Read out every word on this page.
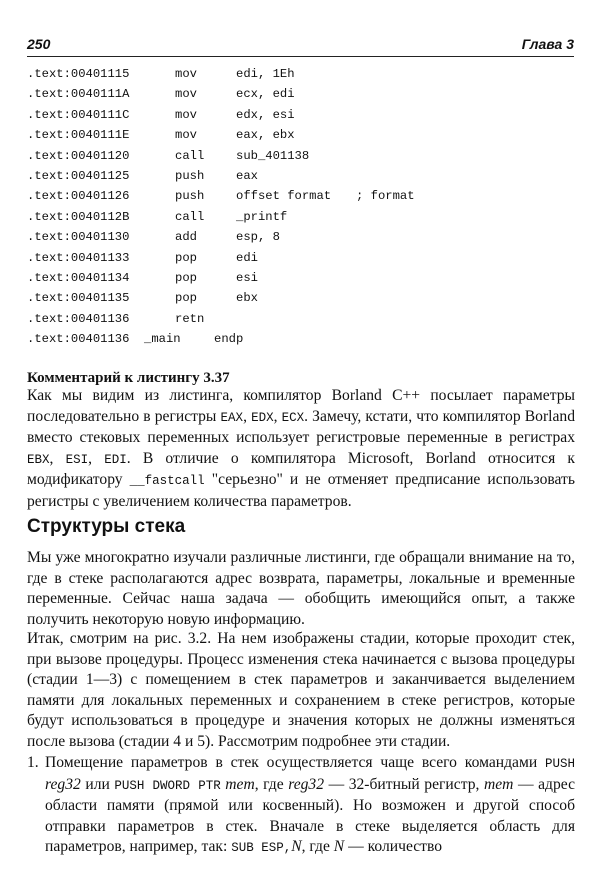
250	Глава 3
.text:00401115	mov	edi, 1Eh
.text:0040111A	mov	ecx, edi
.text:0040111C	mov	edx, esi
.text:0040111E	mov	eax, ebx
.text:00401120	call	sub_401138
.text:00401125	push	eax
.text:00401126	push	offset format ; format
.text:0040112B	call	_printf
.text:00401130	add	esp, 8
.text:00401133	pop	edi
.text:00401134	pop	esi
.text:00401135	pop	ebx
.text:00401136	retn
.text:00401136 _main	endp
Комментарий к листингу 3.37

Как мы видим из листинга, компилятор Borland C++ посылает параметры последовательно в регистры EAX, EDX, ECX. Замечу, кстати, что компилятор Borland вместо стековых переменных использует регистровые переменные в регистрах EBX, ESI, EDI. В отличие о компилятора Microsoft, Borland относится к модификатору __fastcall "серьезно" и не отменяет предписание использовать регистры с увеличением количества параметров.

Структуры стека

Мы уже многократно изучали различные листинги, где обращали внимание на то, где в стеке располагаются адрес возврата, параметры, локальные и временные переменные. Сейчас наша задача — обобщить имеющийся опыт, а также получить некоторую новую информацию.

Итак, смотрим на рис. 3.2. На нем изображены стадии, которые проходит стек, при вызове процедуры. Процесс изменения стека начинается с вызова процедуры (стадии 1—3) с помещением в стек параметров и заканчивается выделением памяти для локальных переменных и сохранением в стеке регистров, которые будут использоваться в процедуре и значения которых не должны изменяться после вызова (стадии 4 и 5). Рассмотрим подробнее эти стадии.

1. Помещение параметров в стек осуществляется чаще всего командами PUSH reg32 или PUSH DWORD PTR mem, где reg32 — 32-битный регистр, mem — адрес области памяти (прямой или косвенный). Но возможен и другой способ отправки параметров в стек. Вначале в стеке выделяется область для параметров, например, так: SUB ESP,N, где N — количество
